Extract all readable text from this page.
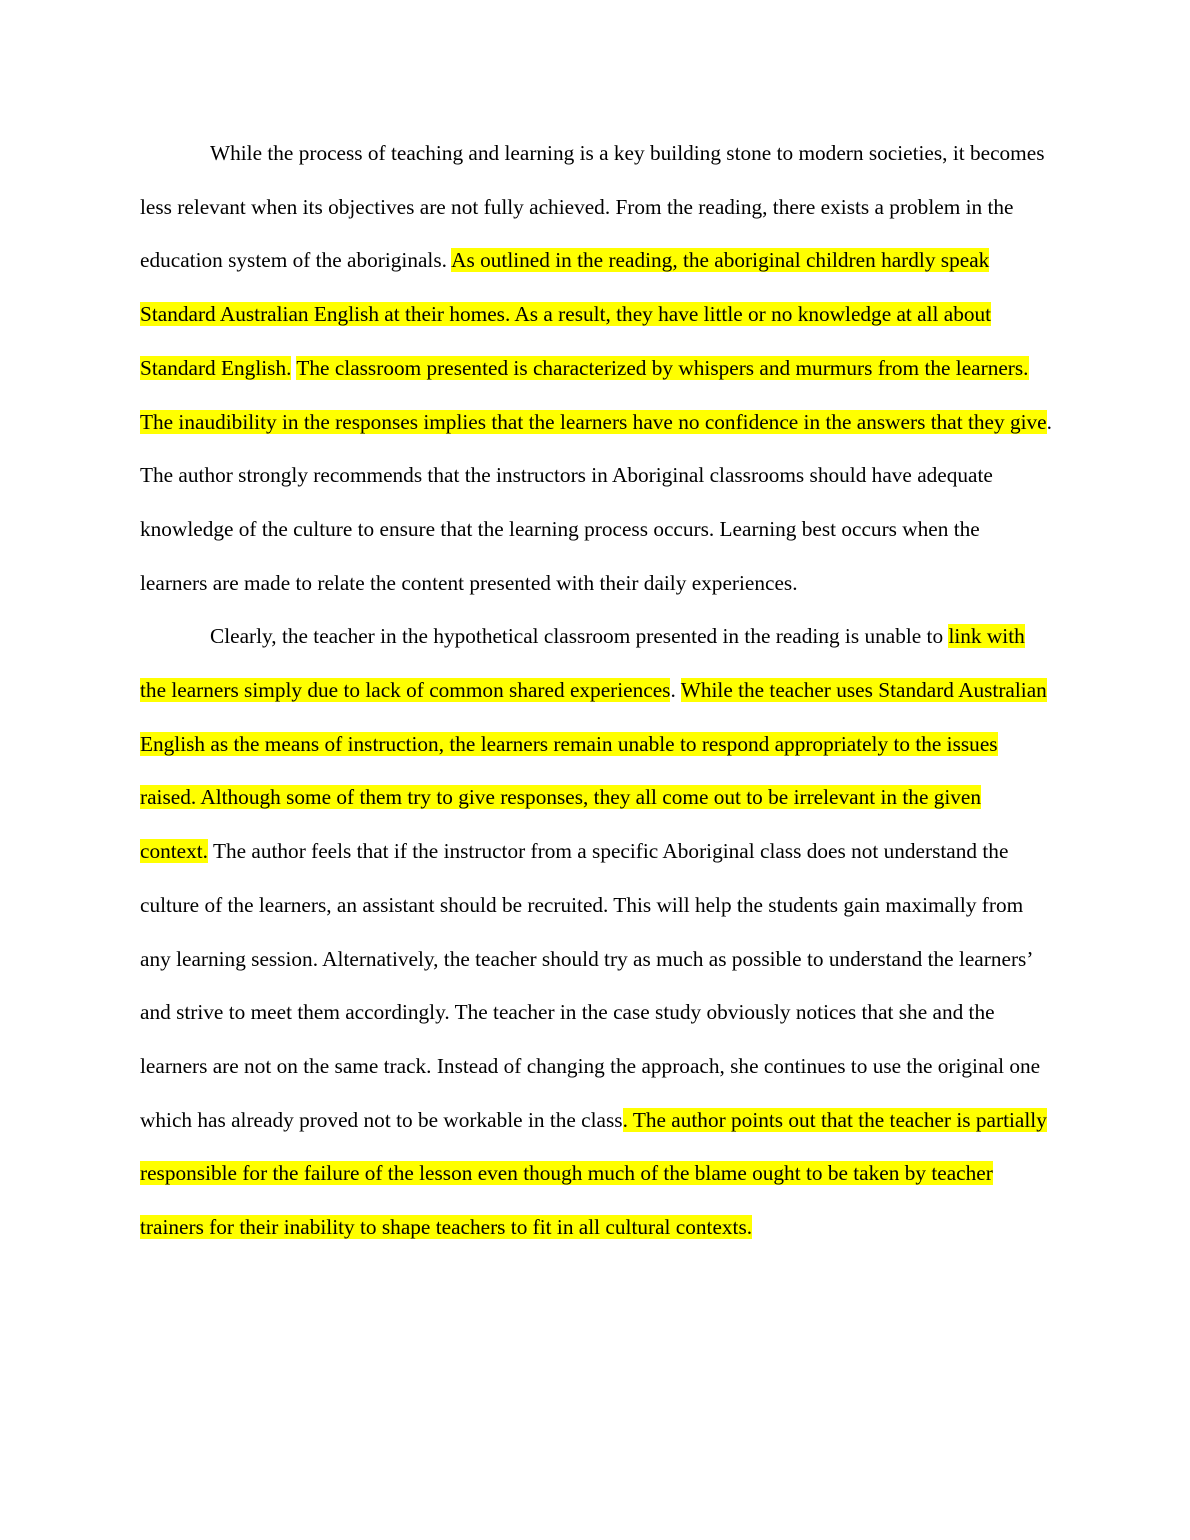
While the process of teaching and learning is a key building stone to modern societies, it becomes less relevant when its objectives are not fully achieved. From the reading, there exists a problem in the education system of the aboriginals. As outlined in the reading, the aboriginal children hardly speak Standard Australian English at their homes. As a result, they have little or no knowledge at all about Standard English. The classroom presented is characterized by whispers and murmurs from the learners. The inaudibility in the responses implies that the learners have no confidence in the answers that they give. The author strongly recommends that the instructors in Aboriginal classrooms should have adequate knowledge of the culture to ensure that the learning process occurs. Learning best occurs when the learners are made to relate the content presented with their daily experiences.

Clearly, the teacher in the hypothetical classroom presented in the reading is unable to link with the learners simply due to lack of common shared experiences. While the teacher uses Standard Australian English as the means of instruction, the learners remain unable to respond appropriately to the issues raised. Although some of them try to give responses, they all come out to be irrelevant in the given context. The author feels that if the instructor from a specific Aboriginal class does not understand the culture of the learners, an assistant should be recruited. This will help the students gain maximally from any learning session. Alternatively, the teacher should try as much as possible to understand the learners’ and strive to meet them accordingly. The teacher in the case study obviously notices that she and the learners are not on the same track. Instead of changing the approach, she continues to use the original one which has already proved not to be workable in the class. The author points out that the teacher is partially responsible for the failure of the lesson even though much of the blame ought to be taken by teacher trainers for their inability to shape teachers to fit in all cultural contexts.
